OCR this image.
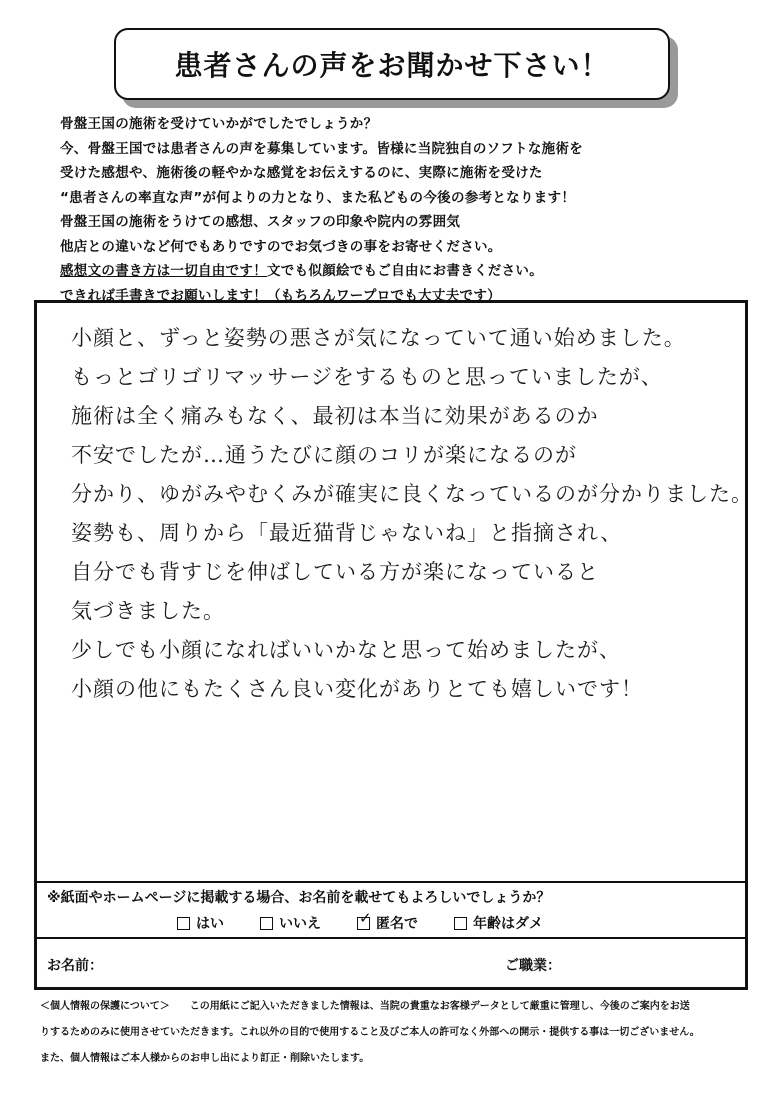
患者さんの声をお聞かせ下さい！
骨盤王国の施術を受けていかがでしたでしょうか？
今、骨盤王国では患者さんの声を募集しています。皆様に当院独自のソフトな施術を
受けた感想や、施術後の軽やかな感覚をお伝えするのに、実際に施術を受けた
“患者さんの率直な声”が何よりの力となり、また私どもの今後の参考となります！
骨盤王国の施術をうけての感想、スタッフの印象や院内の雰囲気
他店との違いなど何でもありですのでお気づきの事をお寄せください。
感想文の書き方は一切自由です！文でも似顔絵でもご自由にお書きください。
できれば手書きでお願いします！（もちろんワープロでも大丈夫です）
小顔と、ずっと姿勢の悪さが気になっていて通い始めました。
もっとゴリゴリマッサージをするものと思っていましたが、
施術は全く痛みもなく、最初は本当に効果があるのか
不安でしたが…通うたびに顔のコリが楽になるのが
分かり、ゆがみやむくみが確実に良くなっているのが分かりました。
姿勢も、周りから「最近猫背じゃないね」と指摘され、
自分でも背すじを伸ばしている方が楽になっていると
気づきました。
少しでも小顔になればいいかなと思って始めましたが、
小顔の他にもたくさん良い変化がありとても嬉しいです！
※紙面やホームページに掲載する場合、お名前を載せてもよろしいでしょうか？
はい	いいえ
✓	匿名で	年齢はダメ
お名前：	ご職業：
＜個人情報の保護について＞　　この用紙にご記入いただきました情報は、当院の貴重なお客様データとして厳重に管理し、今後のご案内をお送
りするためのみに使用させていただきます。これ以外の目的で使用すること及びご本人の許可なく外部への開示・提供する事は一切ございません。
また、個人情報はご本人様からのお申し出により訂正・削除いたします。
